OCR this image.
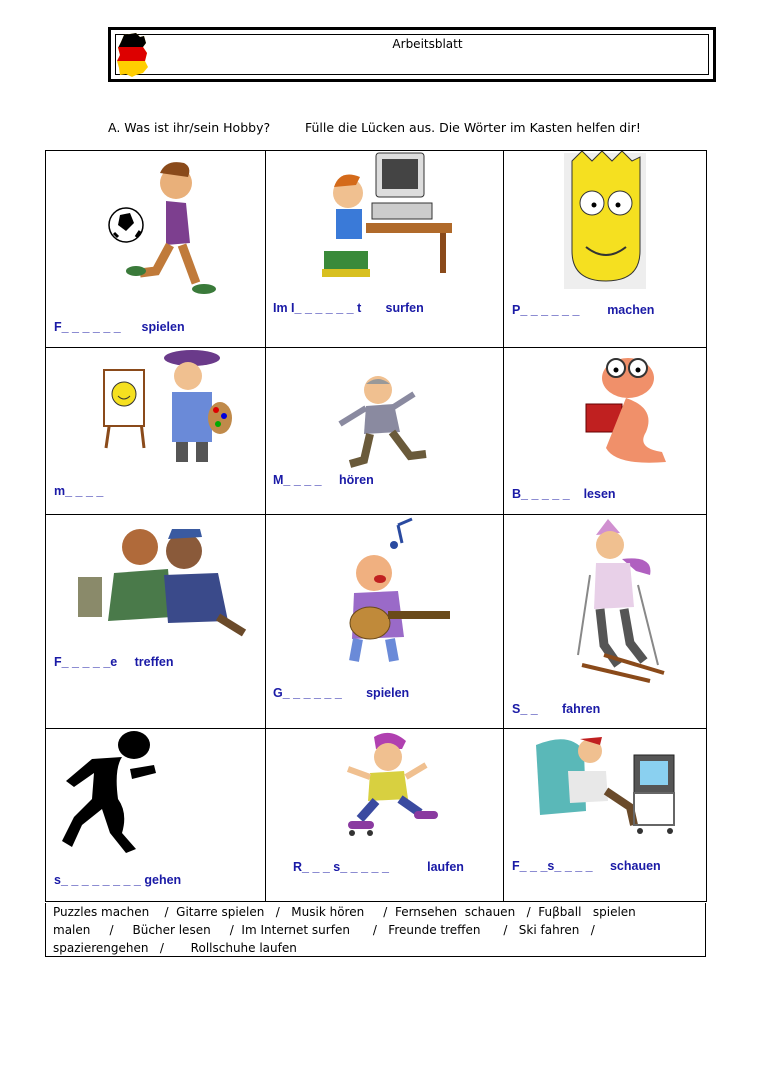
Arbeitsblatt
A. Was ist ihr/sein Hobby?	Fülle die Lücken aus. Die Wörter im Kasten helfen dir!
F_ _ _ _ _ _      spielen	Im I_ _ _ _ _ _ t       surfen	P_ _ _ _ _ _        machen

m_ _ _ _	M_ _ _ _     hören	B_ _ _ _ _    lesen

F_ _ _ _ _e     treffen	G_ _ _ _ _ _       spielen	S_ _       fahren

s_ _ _ _ _ _ _ _ gehen	R_ _ _ s_ _ _ _ _           laufen	F_ _ _s_ _ _ _     schauen
Puzzles machen    /  Gitarre spielen   /   Musik hören     /  Fernsehen  schauen   /  Fuβball   spielen
malen     /     Bücher lesen     /  Im Internet surfen      /   Freunde treffen      /   Ski fahren   /
spazierengehen   /       Rollschuhe laufen
